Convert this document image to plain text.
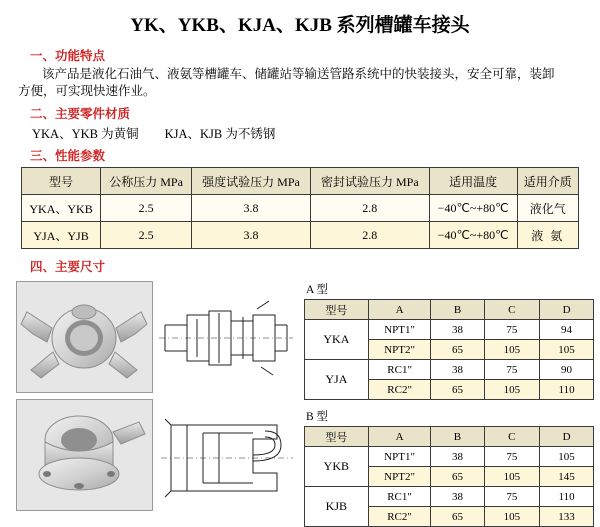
YK、YKB、KJA、KJB 系列槽罐车接头
一、功能特点
该产品是液化石油气、液氨等槽罐车、储罐站等输送管路系统中的快装接头，安全可靠，装卸
方便，可实现快速作业。
二、主要零件材质
YKA、YKB 为黄铜 KJA、KJB 为不锈钢
三、性能参数
型号	公称压力 MPa	强度试验压力 MPa	密封试验压力 MPa	适用温度	适用介质
YKA、YKB	2.5	3.8	2.8	−40℃~+80℃	液化气
YJA、YJB	2.5	3.8	2.8	−40℃~+80℃	液 氨
四、主要尺寸
A 型
型号	A	B	C	D
YKA	NPT1"	38	75	94
	NPT2"	65	105	105
YJA	RC1"	38	75	90
	RC2"	65	105	110
B 型
型号	A	B	C	D
YKB	NPT1"	38	75	105
	NPT2"	65	105	145
KJB	RC1"	38	75	110
	RC2"	65	105	133
